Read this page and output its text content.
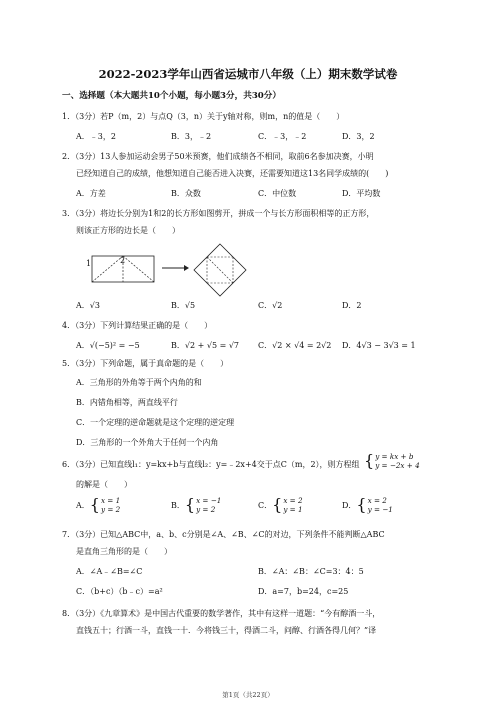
2022-2023学年山西省运城市八年级（上）期末数学试卷
一、选择题（本大题共10个小题，每小题3分，共30分）
1．（3分）若P（m，2）与点Q（3，n）关于y轴对称，则m，n的值是（　　）
A．﹣3，2	B．3，﹣2	C．﹣3，﹣2	D．3，2
2．（3分）13人参加运动会男子50米预赛，他们成绩各不相同，取前6名参加决赛，小明
已经知道自己的成绩，他想知道自己能否进入决赛，还需要知道这13名同学成绩的(　　)
A．方差	B．众数	C．中位数	D．平均数
3．（3分）将边长分别为1和2的长方形如图剪开，拼成一个与长方形面积相等的正方形，
则该正方形的边长是（　　）
1	2
A．√3	B．√5	C．√2	D．2
4．（3分）下列计算结果正确的是（　　）
A．√(−5)² = −5	B．√2 + √5 = √7 C．√2 × √4 = 2√2 D．4√3 − 3√3 = 1
5．（3分）下列命题，属于真命题的是（　　）
A．三角形的外角等于两个内角的和
B．内错角相等，两直线平行
C．一个定理的逆命题就是这个定理的逆定理
D．三角形的一个外角大于任何一个内角
6．（3分）已知直线l₁：y=kx+b与直线l₂：y=﹣2x+4交于点C（m，2），则方程组 { y = kx + b
y = −2x + 4
的解是（　　）
A． { x = 1
y = 2	B． { x = −1
y = 2	C． { x = 2
y = 1	D． { x = 2
y = −1
7．（3分）已知△ABC中，a、b、c分别是∠A、∠B、∠C的对边，下列条件不能判断△ABC
是直角三角形的是（　　）
A．∠A﹣∠B=∠C	B．∠A：∠B：∠C=3：4：5
C．（b+c）（b﹣c）=a²	D．a=7，b=24，c=25
8．（3分）《九章算术》是中国古代重要的数学著作，其中有这样一道题：“今有醇酒一斗，
直钱五十；行酒一斗，直钱一十．今将钱三十，得酒二斗，问醇、行酒各得几何？”译
第1页（共22页）
